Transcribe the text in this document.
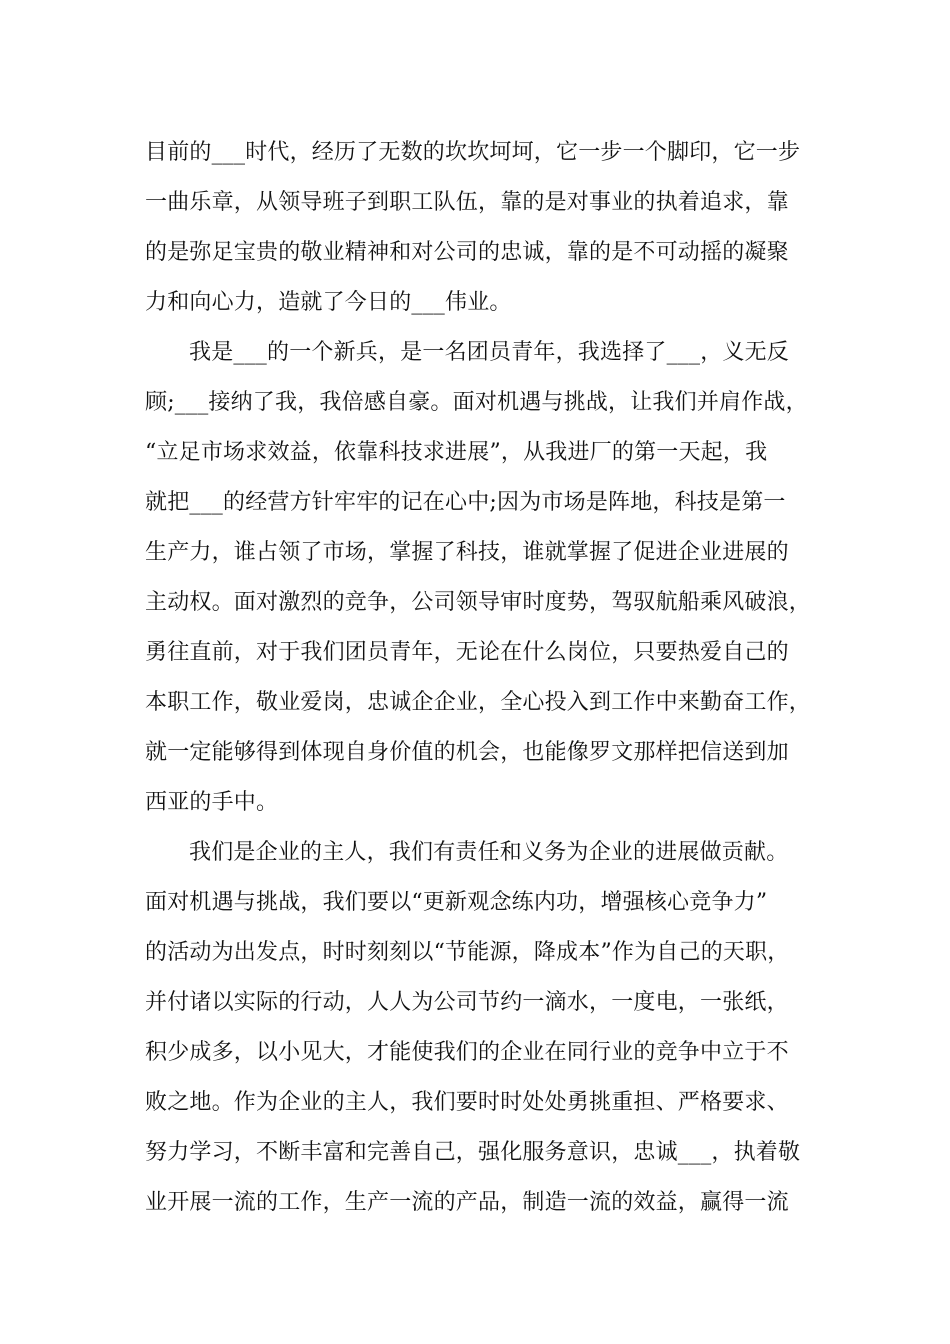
目前的___时代，经历了无数的坎坎坷坷，它一步一个脚印，它一步
一曲乐章，从领导班子到职工队伍，靠的是对事业的执着追求，靠
的是弥足宝贵的敬业精神和对公司的忠诚，靠的是不可动摇的凝聚
力和向心力，造就了今日的___伟业。
我是___的一个新兵，是一名团员青年，我选择了___，义无反
顾;___接纳了我，我倍感自豪。面对机遇与挑战，让我们并肩作战，
“立足市场求效益，依靠科技求进展”，从我进厂的第一天起，我
就把___的经营方针牢牢的记在心中;因为市场是阵地，科技是第一
生产力，谁占领了市场，掌握了科技，谁就掌握了促进企业进展的
主动权。面对激烈的竞争，公司领导审时度势，驾驭航船乘风破浪，
勇往直前，对于我们团员青年，无论在什么岗位，只要热爱自己的
本职工作，敬业爱岗，忠诚企企业，全心投入到工作中来勤奋工作，
就一定能够得到体现自身价值的机会，也能像罗文那样把信送到加
西亚的手中。
我们是企业的主人，我们有责任和义务为企业的进展做贡献。
面对机遇与挑战，我们要以“更新观念练内功，增强核心竞争力”
的活动为出发点，时时刻刻以“节能源，降成本”作为自己的天职，
并付诸以实际的行动，人人为公司节约一滴水，一度电，一张纸，
积少成多，以小见大，才能使我们的企业在同行业的竞争中立于不
败之地。作为企业的主人，我们要时时处处勇挑重担、严格要求、
努力学习，不断丰富和完善自己，强化服务意识，忠诚___，执着敬
业开展一流的工作，生产一流的产品，制造一流的效益，赢得一流
